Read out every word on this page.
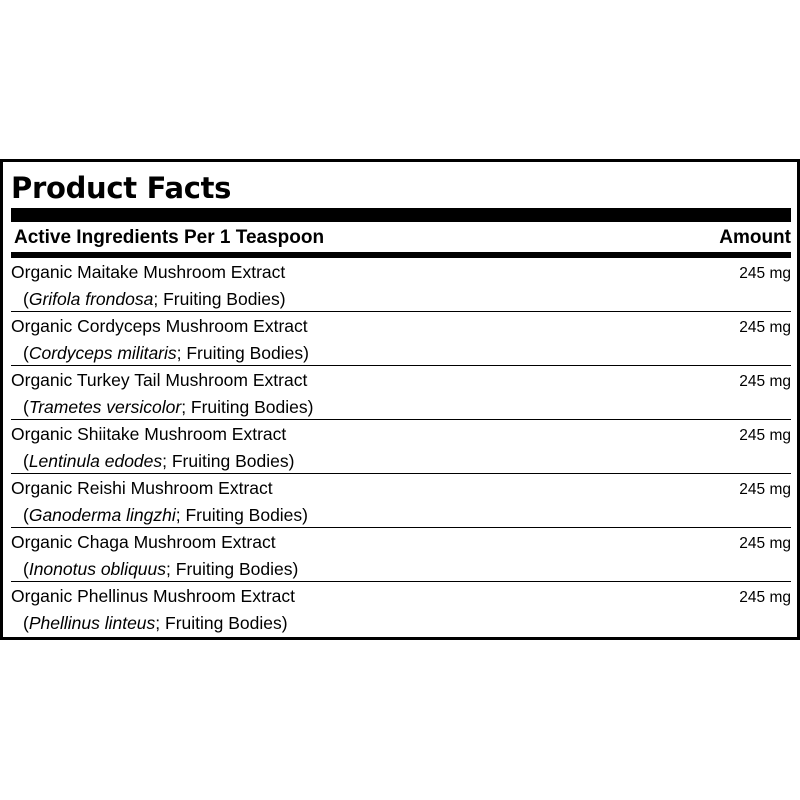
Product Facts
Active Ingredients Per 1 Teaspoon	Amount
Organic Maitake Mushroom Extract
(Grifola frondosa; Fruiting Bodies)
245 mg
Organic Cordyceps Mushroom Extract
(Cordyceps militaris; Fruiting Bodies)
245 mg
Organic Turkey Tail Mushroom Extract
(Trametes versicolor; Fruiting Bodies)
245 mg
Organic Shiitake Mushroom Extract
(Lentinula edodes; Fruiting Bodies)
245 mg
Organic Reishi Mushroom Extract
(Ganoderma lingzhi; Fruiting Bodies)
245 mg
Organic Chaga Mushroom Extract
(Inonotus obliquus; Fruiting Bodies)
245 mg
Organic Phellinus Mushroom Extract
(Phellinus linteus; Fruiting Bodies)
245 mg
